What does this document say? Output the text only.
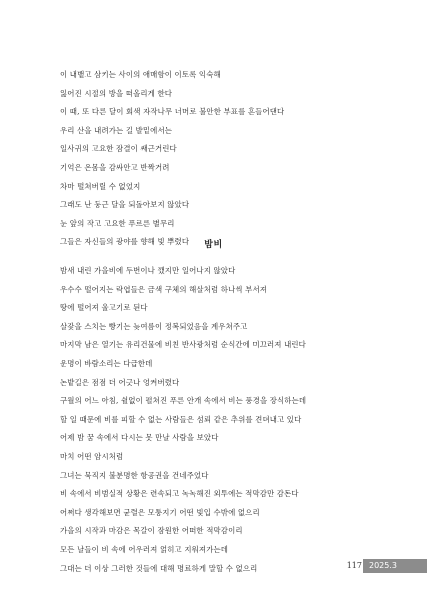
이 내뱉고 삼키는 사이의 애매함이 이토록 익숙해
잃어진 시절의 방을 떠올리게 한다
이 때, 또 다른 달이 회색 자작나무 너머로 불안한 부표를 흔들어댄다
우리 산을 내려가는 길 발밑에서는
일사귀의 고요한 잠결이 쌔근거린다
기억은 온몸을 감싸안고 반짝거려
차마 떨쳐버릴 수 없었지
그래도 난 둥근 달을 되돌아보지 않았다
눈 앞의 작고 고요한 푸르른 별무리
그들은 자신들의 광야를 향해 빛 뿌렸다	밤비
밤새 내린 가을비에 두번이나 깼지만 일어나지 않았다
우수수 떨어지는 락엽들은 금색 구체의 해살처럼 하나씩 부서져
땅에 떨어져 울고기로 된다
살갗을 스치는 빵기는 늦여름이 정복되었음을 계우쳐주고
마지막 남은 열기는 유리건물에 비친 반사광처럼 순식간에 미끄러져 내린다
운명이 바람소리는 다급한데
논밭길은 점점 더 어긋나 엉켜버렸다
구월의 어느 아침, 쉴없이 펼쳐진 푸른 안개 속에서 비는 풍경을 장식하는데
할 일 때문에 비를 피할 수 없는 사람들은 섬뢰 같은 추위를 견뎌내고 있다
어제 밤 꿈 속에서 다시는 못 만날 사람을 보았다
마치 어떤 암시처럼
그녀는 묵직지 불분명한 항공권을 건네주었다
비 속에서 비범실적 상황은 련속되고 녹녹해진 외투에는 적막감만 감돈다
어쩌다 생각해보면 균렬은 모퉁지기 어떤 빛입 수밖에 없으리
가을의 시작과 마감은 목갈이 잠원한 어떠한 적막감이리
모든 날들이 비 속에 어우러져 얽히고 지워져가는데
그대는 더 이상 그러한 것들에 대해 명료하게 말할 수 없으리	117 2025.3
